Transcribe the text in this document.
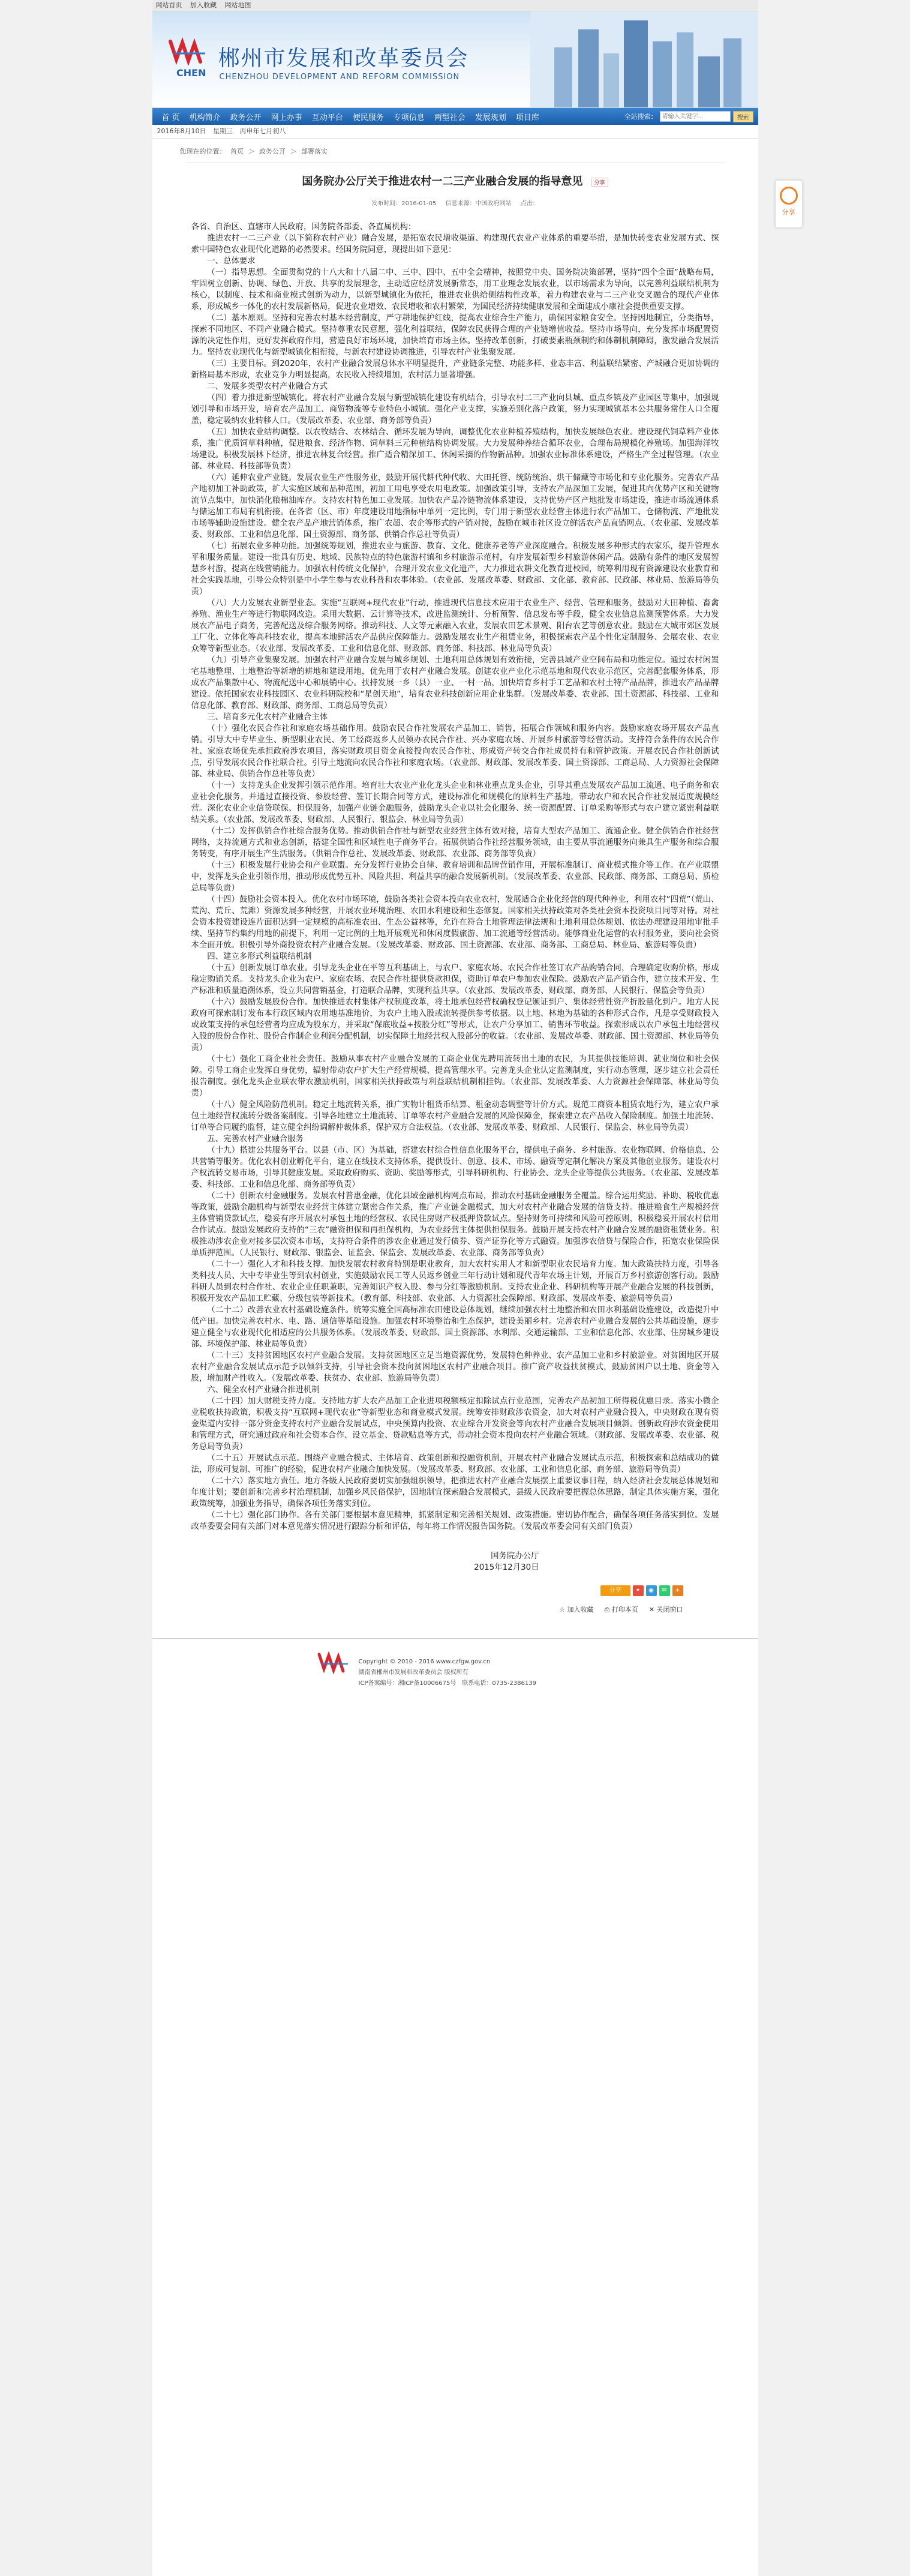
网站首页 加入收藏 网站地图
CHEN
郴州市发展和改革委员会
CHENZHOU DEVELOPMENT AND REFORM COMMISSION
首 页	机构简介	政务公开	网上办事	互动平台	便民服务	专项信息	两型社会	发展规划	项目库	全站搜索：
请输入关键字...	搜索
2016年8月10日 星期三 丙申年七月初八
您现在的位置： 首页 ＞ 政务公开 ＞ 部署落实
国务院办公厅关于推进农村一二三产业融合发展的指导意见 分享
发布时间：2016-01-05 信息来源：中国政府网站 点击：

各省、自治区、直辖市人民政府，国务院各部委、各直属机构：

推进农村一二三产业（以下简称农村产业）融合发展，是拓宽农民增收渠道、构建现代农业产业体系的重要举措，是加快转变农业发展方式、探索中国特色农业现代化道路的必然要求。经国务院同意，现提出如下意见：

一、总体要求

（一）指导思想。全面贯彻党的十八大和十八届二中、三中、四中、五中全会精神，按照党中央、国务院决策部署，坚持“四个全面”战略布局，牢固树立创新、协调、绿色、开放、共享的发展理念，主动适应经济发展新常态，用工业理念发展农业，以市场需求为导向，以完善利益联结机制为核心，以制度、技术和商业模式创新为动力，以新型城镇化为依托，推进农业供给侧结构性改革，着力构建农业与二三产业交叉融合的现代产业体系，形成城乡一体化的农村发展新格局，促进农业增效、农民增收和农村繁荣，为国民经济持续健康发展和全面建成小康社会提供重要支撑。

（二）基本原则。坚持和完善农村基本经营制度，严守耕地保护红线，提高农业综合生产能力，确保国家粮食安全。坚持因地制宜，分类指导，探索不同地区、不同产业融合模式。坚持尊重农民意愿，强化利益联结，保障农民获得合理的产业链增值收益。坚持市场导向，充分发挥市场配置资源的决定性作用，更好发挥政府作用，营造良好市场环境，加快培育市场主体。坚持改革创新，打破要素瓶颈制约和体制机制障碍，激发融合发展活力。坚持农业现代化与新型城镇化相衔接，与新农村建设协调推进，引导农村产业集聚发展。

（三）主要目标。到2020年，农村产业融合发展总体水平明显提升，产业链条完整、功能多样、业态丰富、利益联结紧密、产城融合更加协调的新格局基本形成，农业竞争力明显提高，农民收入持续增加，农村活力显著增强。

二、发展多类型农村产业融合方式

（四）着力推进新型城镇化。将农村产业融合发展与新型城镇化建设有机结合，引导农村二三产业向县城、重点乡镇及产业园区等集中，加强规划引导和市场开发，培育农产品加工、商贸物流等专业特色小城镇。强化产业支撑，实施差别化落户政策，努力实现城镇基本公共服务常住人口全覆盖，稳定吸纳农业转移人口。（发展改革委、农业部、商务部等负责）

（五）加快农业结构调整。以农牧结合、农林结合、循环发展为导向，调整优化农业种植养殖结构，加快发展绿色农业。建设现代饲草料产业体系，推广优质饲草料种植，促进粮食、经济作物、饲草料三元种植结构协调发展。大力发展种养结合循环农业，合理布局规模化养殖场。加强海洋牧场建设。积极发展林下经济，推进农林复合经营。推广适合精深加工、休闲采摘的作物新品种。加强农业标准体系建设，严格生产全过程管理。（农业部、林业局、科技部等负责）

（六）延伸农业产业链。发展农业生产性服务业，鼓励开展代耕代种代收、大田托管、统防统治、烘干储藏等市场化和专业化服务。完善农产品产地初加工补助政策，扩大实施区域和品种范围，初加工用电享受农用电政策。加强政策引导，支持农产品深加工发展，促进其向优势产区和关键物流节点集中，加快消化粮棉油库存。支持农村特色加工业发展。加快农产品冷链物流体系建设，支持优势产区产地批发市场建设，推进市场流通体系与储运加工布局有机衔接。在各省（区、市）年度建设用地指标中单列一定比例，专门用于新型农业经营主体进行农产品加工、仓储物流、产地批发市场等辅助设施建设。健全农产品产地营销体系，推广农超、农企等形式的产销对接，鼓励在城市社区设立鲜活农产品直销网点。（农业部、发展改革委、财政部、工业和信息化部、国土资源部、商务部、供销合作总社等负责）

（七）拓展农业多种功能。加强统筹规划，推进农业与旅游、教育、文化、健康养老等产业深度融合。积极发展多种形式的农家乐，提升管理水平和服务质量。建设一批具有历史、地域、民族特点的特色旅游村镇和乡村旅游示范村，有序发展新型乡村旅游休闲产品。鼓励有条件的地区发展智慧乡村游，提高在线营销能力。加强农村传统文化保护，合理开发农业文化遗产，大力推进农耕文化教育进校园，统筹利用现有资源建设农业教育和社会实践基地，引导公众特别是中小学生参与农业科普和农事体验。（农业部、发展改革委、财政部、文化部、教育部、民政部、林业局、旅游局等负责）

（八）大力发展农业新型业态。实施“互联网+现代农业”行动，推进现代信息技术应用于农业生产、经营、管理和服务，鼓励对大田种植、畜禽养殖、渔业生产等进行物联网改造。采用大数据、云计算等技术，改进监测统计、分析预警、信息发布等手段，健全农业信息监测预警体系。大力发展农产品电子商务，完善配送及综合服务网络。推动科技、人文等元素融入农业，发展农田艺术景观、阳台农艺等创意农业。鼓励在大城市郊区发展工厂化、立体化等高科技农业，提高本地鲜活农产品供应保障能力。鼓励发展农业生产租赁业务，积极探索农产品个性化定制服务、会展农业、农业众筹等新型业态。（农业部、发展改革委、工业和信息化部、财政部、商务部、科技部、林业局等负责）

（九）引导产业集聚发展。加强农村产业融合发展与城乡规划、土地利用总体规划有效衔接，完善县域产业空间布局和功能定位。通过农村闲置宅基地整理、土地整治等新增的耕地和建设用地，优先用于农村产业融合发展。创建农业产业化示范基地和现代农业示范区，完善配套服务体系，形成农产品集散中心、物流配送中心和展销中心。扶持发展一乡（县）一业、一村一品，加快培育乡村手工艺品和农村土特产品品牌，推进农产品品牌建设。依托国家农业科技园区、农业科研院校和“星创天地”，培育农业科技创新应用企业集群。（发展改革委、农业部、国土资源部、科技部、工业和信息化部、教育部、财政部、商务部、工商总局等负责）

三、培育多元化农村产业融合主体

（十）强化农民合作社和家庭农场基础作用。鼓励农民合作社发展农产品加工、销售，拓展合作领域和服务内容。鼓励家庭农场开展农产品直销。引导大中专毕业生、新型职业农民、务工经商返乡人员领办农民合作社、兴办家庭农场、开展乡村旅游等经营活动。支持符合条件的农民合作社、家庭农场优先承担政府涉农项目，落实财政项目资金直接投向农民合作社、形成资产转交合作社成员持有和管护政策。开展农民合作社创新试点，引导发展农民合作社联合社。引导土地流向农民合作社和家庭农场。（农业部、财政部、发展改革委、国土资源部、工商总局、人力资源社会保障部、林业局、供销合作总社等负责）

（十一）支持龙头企业发挥引领示范作用。培育壮大农业产业化龙头企业和林业重点龙头企业，引导其重点发展农产品加工流通、电子商务和农业社会化服务，并通过直接投资、参股经营、签订长期合同等方式，建设标准化和规模化的原料生产基地，带动农户和农民合作社发展适度规模经营。深化农业企业信贷联保、担保服务，加强产业链金融服务，鼓励龙头企业以社会化服务、统一资源配置、订单采购等形式与农户建立紧密利益联结关系。（农业部、发展改革委、财政部、人民银行、银监会、林业局等负责）

（十二）发挥供销合作社综合服务优势。推动供销合作社与新型农业经营主体有效对接，培育大型农产品加工、流通企业。健全供销合作社经营网络，支持流通方式和业态创新，搭建全国性和区域性电子商务平台。拓展供销合作社经营服务领域，由主要从事流通服务向兼具生产服务和综合服务转变，有序开展生产生活服务。（供销合作总社、发展改革委、财政部、农业部、商务部等负责）

（十三）积极发展行业协会和产业联盟。充分发挥行业协会自律、教育培训和品牌营销作用，开展标准制订、商业模式推介等工作。在产业联盟中，发挥龙头企业引领作用，推动形成优势互补、风险共担、利益共享的融合发展新机制。（发展改革委、农业部、民政部、商务部、工商总局、质检总局等负责）

（十四）鼓励社会资本投入。优化农村市场环境，鼓励各类社会资本投向农业农村，发展适合企业化经营的现代种养业，利用农村“四荒”（荒山、荒沟、荒丘、荒滩）资源发展多种经营，开展农业环境治理、农田水利建设和生态修复。国家相关扶持政策对各类社会资本投资项目同等对待。对社会资本投资建设连片面积达到一定规模的高标准农田、生态公益林等，允许在符合土地管理法律法规和土地利用总体规划、依法办理建设用地审批手续、坚持节约集约用地的前提下，利用一定比例的土地开展观光和休闲度假旅游、加工流通等经营活动。能够商业化运营的农村服务业，要向社会资本全面开放。积极引导外商投资农村产业融合发展。（发展改革委、财政部、国土资源部、农业部、商务部、工商总局、林业局、旅游局等负责）

四、建立多形式利益联结机制

（十五）创新发展订单农业。引导龙头企业在平等互利基础上，与农户、家庭农场、农民合作社签订农产品购销合同，合理确定收购价格，形成稳定购销关系。支持龙头企业为农户、家庭农场、农民合作社提供贷款担保，资助订单农户参加农业保险。鼓励农产品产销合作，建立技术开发、生产标准和质量追溯体系，设立共同营销基金，打造联合品牌，实现利益共享。（农业部、发展改革委、财政部、商务部、人民银行、保监会等负责）

（十六）鼓励发展股份合作。加快推进农村集体产权制度改革，将土地承包经营权确权登记颁证到户、集体经营性资产折股量化到户。地方人民政府可探索制订发布本行政区域内农用地基准地价，为农户土地入股或流转提供参考依据。以土地、林地为基础的各种形式合作，凡是享受财政投入或政策支持的承包经营者均应成为股东方，并采取“保底收益+按股分红”等形式，让农户分享加工、销售环节收益。探索形成以农户承包土地经营权入股的股份合作社、股份合作制企业利润分配机制，切实保障土地经营权入股部分的收益。（农业部、发展改革委、财政部、国土资源部、林业局等负责）

（十七）强化工商企业社会责任。鼓励从事农村产业融合发展的工商企业优先聘用流转出土地的农民，为其提供技能培训、就业岗位和社会保障。引导工商企业发挥自身优势，辐射带动农户扩大生产经营规模、提高管理水平。完善龙头企业认定监测制度，实行动态管理，逐步建立社会责任报告制度。强化龙头企业联农带农激励机制，国家相关扶持政策与利益联结机制相挂钩。（农业部、发展改革委、人力资源社会保障部、林业局等负责）

（十八）健全风险防范机制。稳定土地流转关系，推广实物计租货币结算、租金动态调整等计价方式。规范工商资本租赁农地行为，建立农户承包土地经营权流转分级备案制度。引导各地建立土地流转、订单等农村产业融合发展的风险保障金，探索建立农产品收入保险制度。加强土地流转、订单等合同履约监督，建立健全纠纷调解仲裁体系，保护双方合法权益。（农业部、发展改革委、财政部、人民银行、保监会、林业局等负责）

五、完善农村产业融合服务

（十九）搭建公共服务平台。以县（市、区）为基础，搭建农村综合性信息化服务平台，提供电子商务、乡村旅游、农业物联网、价格信息、公共营销等服务。优化农村创业孵化平台，建立在线技术支持体系，提供设计、创意、技术、市场、融资等定制化解决方案及其他创业服务。建设农村产权流转交易市场，引导其健康发展。采取政府购买、资助、奖励等形式，引导科研机构、行业协会、龙头企业等提供公共服务。（农业部、发展改革委、科技部、工业和信息化部、商务部等负责）

（二十）创新农村金融服务。发展农村普惠金融，优化县域金融机构网点布局，推动农村基础金融服务全覆盖。综合运用奖励、补助、税收优惠等政策，鼓励金融机构与新型农业经营主体建立紧密合作关系，推广产业链金融模式，加大对农村产业融合发展的信贷支持。推进粮食生产规模经营主体营销贷款试点，稳妥有序开展农村承包土地的经营权、农民住房财产权抵押贷款试点。坚持财务可持续和风险可控原则，积极稳妥开展农村信用合作试点。鼓励发展政府支持的“三农”融资担保和再担保机构，为农业经营主体提供担保服务。鼓励开展支持农村产业融合发展的融资租赁业务。积极推动涉农企业对接多层次资本市场，支持符合条件的涉农企业通过发行债券、资产证券化等方式融资。加强涉农信贷与保险合作，拓宽农业保险保单质押范围。（人民银行、财政部、银监会、证监会、保监会、发展改革委、农业部、商务部等负责）

（二十一）强化人才和科技支撑。加快发展农村教育特别是职业教育，加大农村实用人才和新型职业农民培育力度。加大政策扶持力度，引导各类科技人员、大中专毕业生等到农村创业，实施鼓励农民工等人员返乡创业三年行动计划和现代青年农场主计划，开展百万乡村旅游创客行动。鼓励科研人员到农村合作社、农业企业任职兼职，完善知识产权入股、参与分红等激励机制。支持农业企业、科研机构等开展产业融合发展的科技创新，积极开发农产品加工贮藏、分级包装等新技术。（教育部、科技部、农业部、人力资源社会保障部、财政部、发展改革委、旅游局等负责）

（二十二）改善农业农村基础设施条件。统筹实施全国高标准农田建设总体规划，继续加强农村土地整治和农田水利基础设施建设，改造提升中低产田。加快完善农村水、电、路、通信等基础设施。加强农村环境整治和生态保护，建设美丽乡村。完善农村产业融合发展的公共基础设施，逐步建立健全与农业现代化相适应的公共服务体系。（发展改革委、财政部、国土资源部、水利部、交通运输部、工业和信息化部、农业部、住房城乡建设部、环境保护部、林业局等负责）

（二十三）支持贫困地区农村产业融合发展。支持贫困地区立足当地资源优势，发展特色种养业、农产品加工业和乡村旅游业。对贫困地区开展农村产业融合发展试点示范予以倾斜支持，引导社会资本投向贫困地区农村产业融合项目。推广资产收益扶贫模式，鼓励贫困户以土地、资金等入股，增加财产性收入。（发展改革委、扶贫办、农业部、旅游局等负责）

六、健全农村产业融合推进机制

（二十四）加大财税支持力度。支持地方扩大农产品加工企业进项税额核定扣除试点行业范围，完善农产品初加工所得税优惠目录。落实小微企业税收扶持政策，积极支持“互联网+现代农业”等新型业态和商业模式发展。统筹安排财政涉农资金，加大对农村产业融合投入，中央财政在现有资金渠道内安排一部分资金支持农村产业融合发展试点，中央预算内投资、农业综合开发资金等向农村产业融合发展项目倾斜。创新政府涉农资金使用和管理方式，研究通过政府和社会资本合作、设立基金、贷款贴息等方式，带动社会资本投向农村产业融合领域。（财政部、发展改革委、农业部、税务总局等负责）

（二十五）开展试点示范。围绕产业融合模式、主体培育、政策创新和投融资机制，开展农村产业融合发展试点示范，积极探索和总结成功的做法，形成可复制、可推广的经验，促进农村产业融合加快发展。（发展改革委、财政部、农业部、工业和信息化部、商务部、旅游局等负责）

（二十六）落实地方责任。地方各级人民政府要切实加强组织领导，把推进农村产业融合发展摆上重要议事日程，纳入经济社会发展总体规划和年度计划；要创新和完善乡村治理机制，加强乡风民俗保护，因地制宜探索融合发展模式，县级人民政府要把握总体思路，制定具体实施方案，强化政策统筹，加强业务指导，确保各项任务落实到位。

（二十七）强化部门协作。各有关部门要根据本意见精神，抓紧制定和完善相关规划、政策措施。密切协作配合，确保各项任务落实到位。发展改革委要会同有关部门对本意见落实情况进行跟踪分析和评估，每年将工作情况报告国务院。（发展改革委会同有关部门负责）

国务院办公厅
2015年12月30日
分享	✦	◉	✉	+
☆ 加入收藏 ⎙ 打印本页 ✕ 关闭窗口
Copyright © 2010 - 2016 www.czfgw.gov.cn
湖南省郴州市发展和改革委员会 版权所有
ICP备案编号：湘ICP备10006675号　 联系电话：0735-2386139
分享
